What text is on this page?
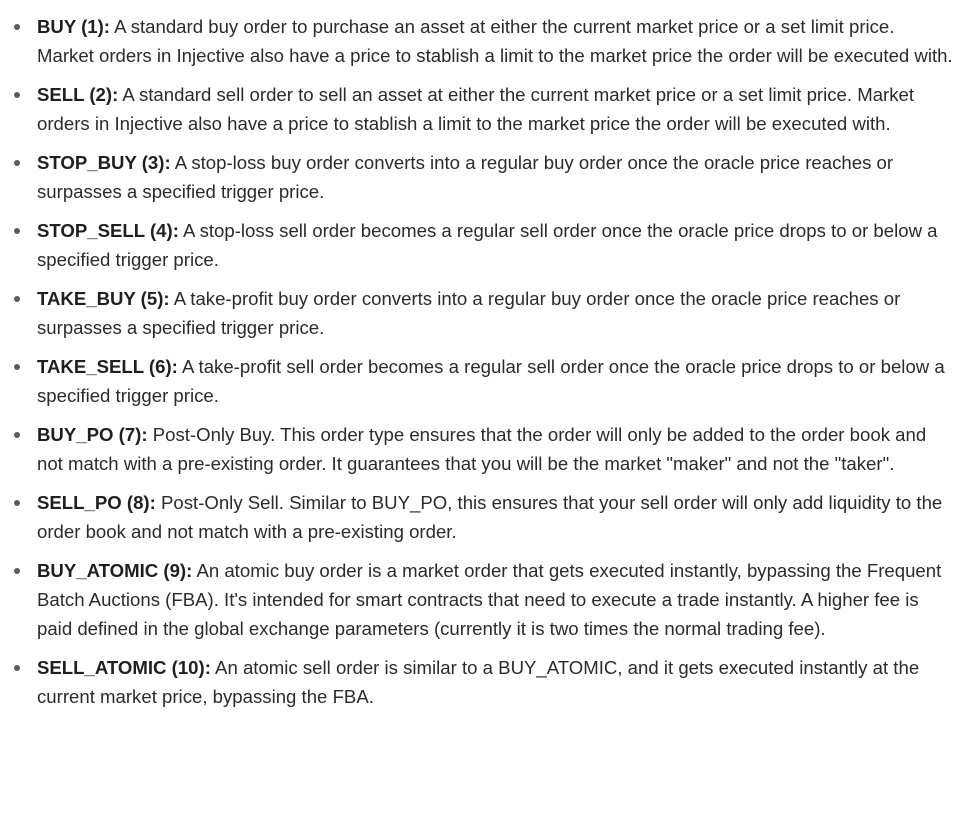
BUY (1): A standard buy order to purchase an asset at either the current market price or a set limit price. Market orders in Injective also have a price to stablish a limit to the market price the order will be executed with.
SELL (2): A standard sell order to sell an asset at either the current market price or a set limit price. Market orders in Injective also have a price to stablish a limit to the market price the order will be executed with.
STOP_BUY (3): A stop-loss buy order converts into a regular buy order once the oracle price reaches or surpasses a specified trigger price.
STOP_SELL (4): A stop-loss sell order becomes a regular sell order once the oracle price drops to or below a specified trigger price.
TAKE_BUY (5): A take-profit buy order converts into a regular buy order once the oracle price reaches or surpasses a specified trigger price.
TAKE_SELL (6): A take-profit sell order becomes a regular sell order once the oracle price drops to or below a specified trigger price.
BUY_PO (7): Post-Only Buy. This order type ensures that the order will only be added to the order book and not match with a pre-existing order. It guarantees that you will be the market "maker" and not the "taker".
SELL_PO (8): Post-Only Sell. Similar to BUY_PO, this ensures that your sell order will only add liquidity to the order book and not match with a pre-existing order.
BUY_ATOMIC (9): An atomic buy order is a market order that gets executed instantly, bypassing the Frequent Batch Auctions (FBA). It's intended for smart contracts that need to execute a trade instantly. A higher fee is paid defined in the global exchange parameters (currently it is two times the normal trading fee).
SELL_ATOMIC (10): An atomic sell order is similar to a BUY_ATOMIC, and it gets executed instantly at the current market price, bypassing the FBA.
